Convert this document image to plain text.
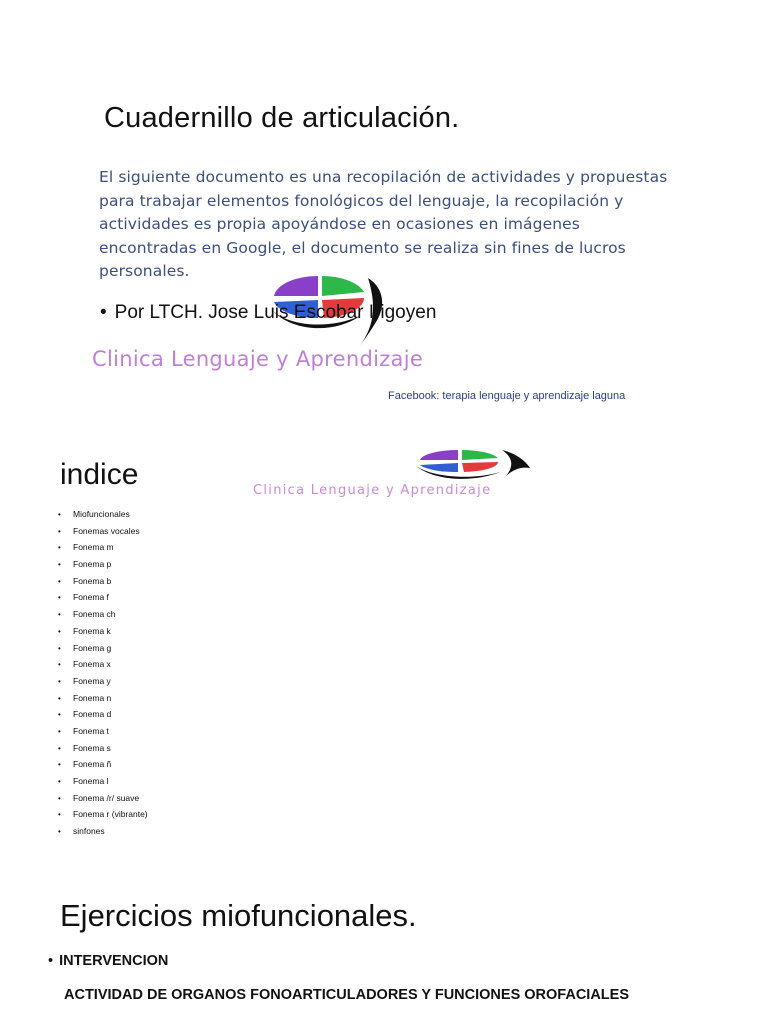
Cuadernillo de articulación.
El siguiente documento es una recopilación de actividades y propuestas para trabajar elementos fonológicos del lenguaje, la recopilación y actividades es propia apoyándose en ocasiones en imágenes encontradas en Google, el documento se realiza sin fines de lucros personales.
• Por LTCH. Jose Luis Escobar Irigoyen
Clinica Lenguaje y Aprendizaje
Facebook: terapia lenguaje y aprendizaje laguna
indice	Clinica Lenguaje y Aprendizaje
• Miofuncionales
• Fonemas vocales
• Fonema m
• Fonema p
• Fonema b
• Fonema f
• Fonema ch
• Fonema k
• Fonema g
• Fonema x
• Fonema y
• Fonema n
• Fonema d
• Fonema t
• Fonema s
• Fonema ñ
• Fonema l
• Fonema /r/ suave
• Fonema r (vibrante)
• sinfones
Ejercicios miofuncionales.
• INTERVENCION
ACTIVIDAD DE ORGANOS FONOARTICULADORES Y FUNCIONES OROFACIALES
